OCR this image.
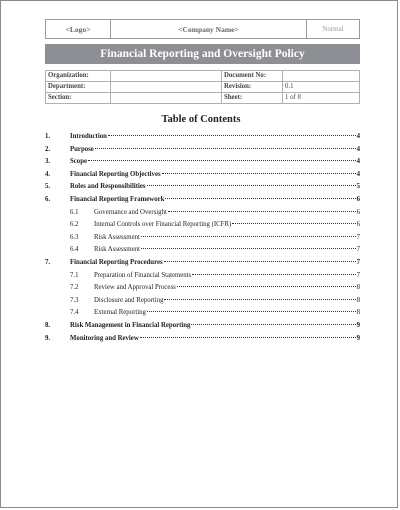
<Logo>	<Company Name>	Normal
Financial Reporting and Oversight Policy
Organization:		Document No:	
Department:		Revision:	0.1
Section:		Sheet:	1 of 8
Table of Contents
1.	Introduction	4
2.	Purpose	4
3.	Scope	4
4.	Financial Reporting Objectives	4
5.	Roles and Responsibilities	5
6.	Financial Reporting Framework	6
6.1 Governance and Oversight	6
6.2 Internal Controls over Financial Reporting (ICFR)	6
6.3 Risk Assessment	7
6.4 Risk Assessment	7
7.	Financial Reporting Procedures	7
7.1 Preparation of Financial Statements	7
7.2 Review and Approval Process	8
7.3 Disclosure and Reporting	8
7.4 External Reporting	8
8.	Risk Management in Financial Reporting	9
9.	Monitoring and Review	9
